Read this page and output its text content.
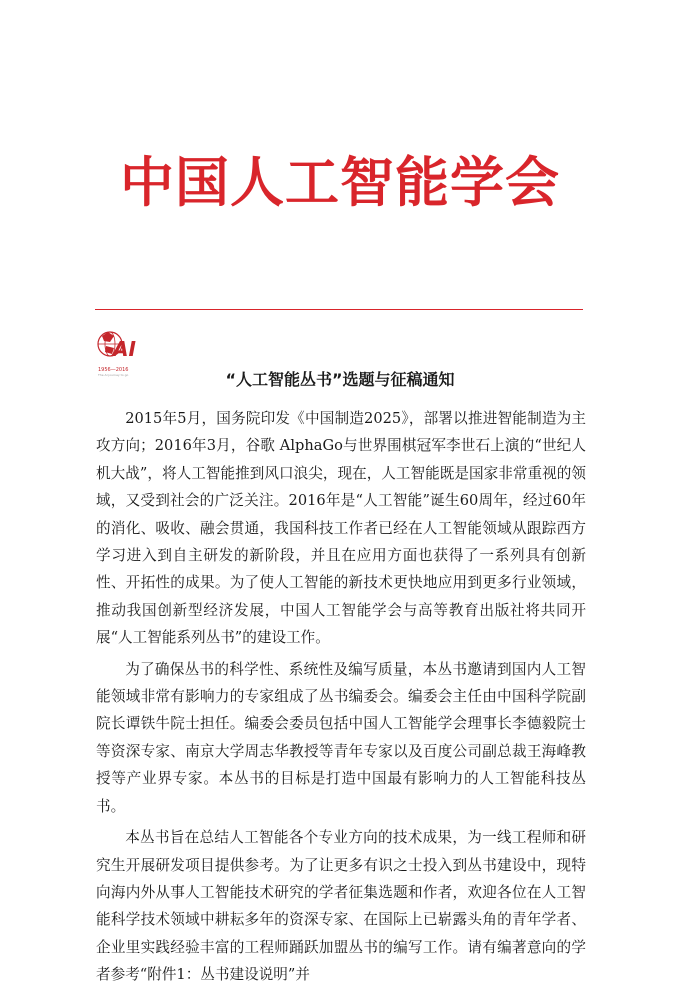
中国人工智能学会
AI
1956—2016
The AI journey to go	“人工智能丛书”选题与征稿通知

2015年5月，国务院印发《中国制造2025》，部署以推进智能制造为主攻方向；2016年3月，谷歌 AlphaGo与世界围棋冠军李世石上演的“世纪人机大战”，将人工智能推到风口浪尖，现在，人工智能既是国家非常重视的领域，又受到社会的广泛关注。2016年是“人工智能”诞生60周年，经过60年的消化、吸收、融会贯通，我国科技工作者已经在人工智能领域从跟踪西方学习进入到自主研发的新阶段，并且在应用方面也获得了一系列具有创新性、开拓性的成果。为了使人工智能的新技术更快地应用到更多行业领域，推动我国创新型经济发展，中国人工智能学会与高等教育出版社将共同开展“人工智能系列丛书”的建设工作。

为了确保丛书的科学性、系统性及编写质量，本丛书邀请到国内人工智能领域非常有影响力的专家组成了丛书编委会。编委会主任由中国科学院副院长谭铁牛院士担任。编委会委员包括中国人工智能学会理事长李德毅院士等资深专家、南京大学周志华教授等青年专家以及百度公司副总裁王海峰教授等产业界专家。本丛书的目标是打造中国最有影响力的人工智能科技丛书。

本丛书旨在总结人工智能各个专业方向的技术成果，为一线工程师和研究生开展研发项目提供参考。为了让更多有识之士投入到丛书建设中，现特向海内外从事人工智能技术研究的学者征集选题和作者，欢迎各位在人工智能科学技术领域中耕耘多年的资深专家、在国际上已崭露头角的青年学者、企业里实践经验丰富的工程师踊跃加盟丛书的编写工作。请有编著意向的学者参考“附件1：丛书建设说明”并
